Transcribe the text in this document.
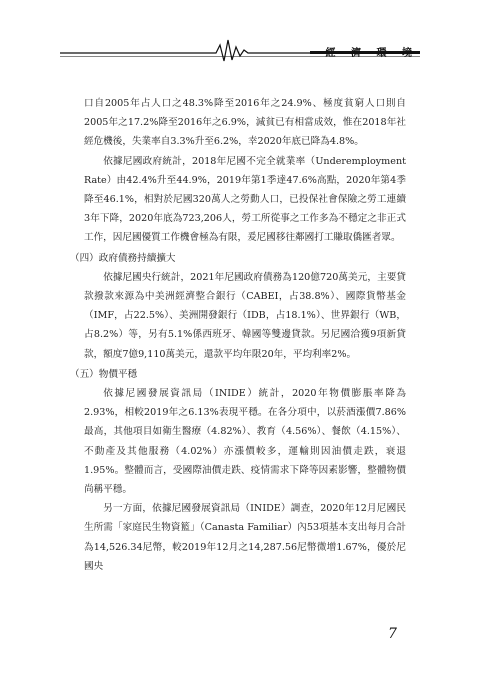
經 濟 環 境

口自2005年占人口之48.3%降至2016年之24.9%、極度貧窮人口則自2005年之17.2%降至2016年之6.9%，減貧已有相當成效，惟在2018年社經危機後，失業率自3.3%升至6.2%，幸2020年底已降為4.8%。

依據尼國政府統計，2018年尼國不完全就業率（Underemployment Rate）由42.4%升至44.9%，2019年第1季達47.6%高點，2020年第4季降至46.1%，相對於尼國320萬人之勞動人口，已投保社會保險之勞工連續3年下降，2020年底為723,206人，勞工所從事之工作多為不穩定之非正式工作，因尼國優質工作機會極為有限，爰尼國移往鄰國打工賺取僑匯者眾。

（四）政府債務持續擴大

依據尼國央行統計，2021年尼國政府債務為120億720萬美元，主要貸款撥款來源為中美洲經濟整合銀行（CABEI，占38.8%）、國際貨幣基金（IMF，占22.5%）、美洲開發銀行（IDB，占18.1%）、世界銀行（WB，占8.2%）等，另有5.1%係西班牙、韓國等雙邊貸款。另尼國洽獲9項新貸款，額度7億9,110萬美元，還款平均年限20年，平均利率2%。

（五）物價平穩

依據尼國發展資訊局（INIDE）統計，2020年物價膨脹率降為2.93%，相較2019年之6.13%表現平穩。在各分項中，以菸酒漲價7.86%最高，其他項目如衛生醫療（4.82%）、教育（4.56%）、餐飲（4.15%）、不動產及其他服務（4.02%）亦漲價較多，運輸則因油價走跌，衰退1.95%。整體而言，受國際油價走跌、疫情需求下降等因素影響，整體物價尚稱平穩。

另一方面，依據尼國發展資訊局（INIDE）調查，2020年12月尼國民生所需「家庭民生物資籃」（Canasta Familiar）內53項基本支出每月合計為14,526.34尼幣，較2019年12月之14,287.56尼幣微增1.67%，優於尼國央

7
